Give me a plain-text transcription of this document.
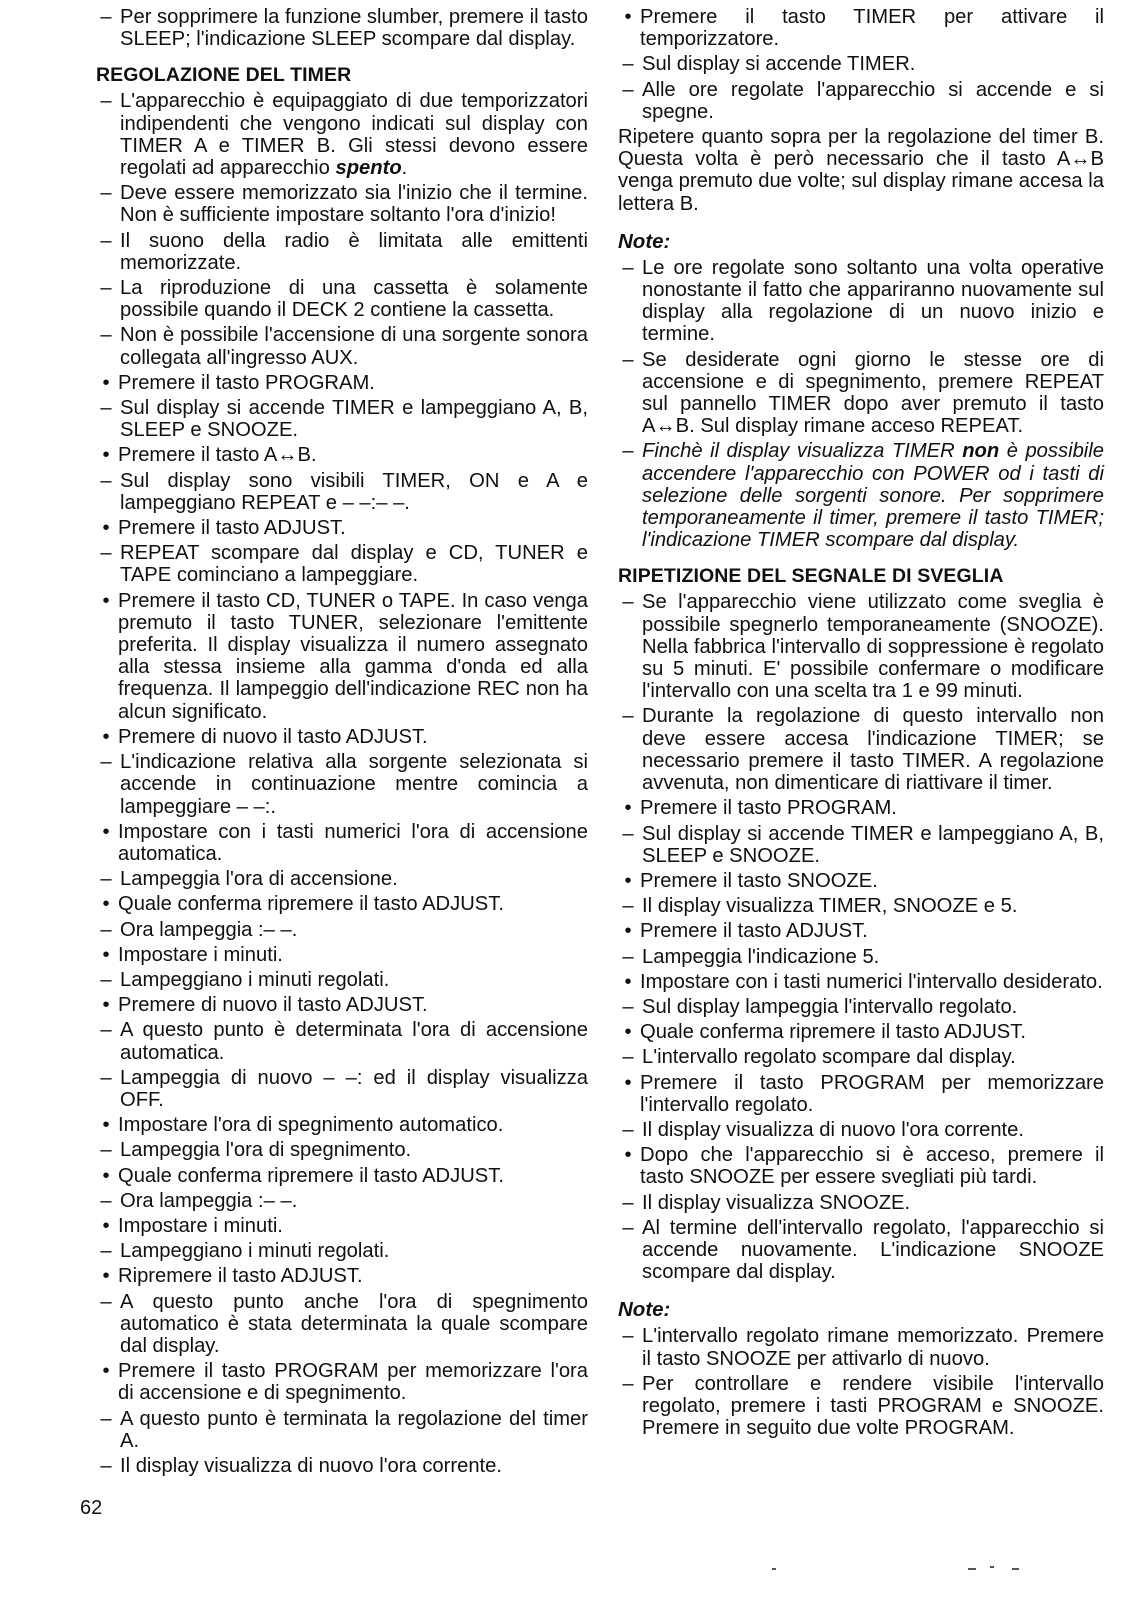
– Per sopprimere la funzione slumber, premere il tasto SLEEP; l'indicazione SLEEP scompare dal display.
REGOLAZIONE DEL TIMER
– L'apparecchio è equipaggiato di due temporizzatori indipendenti che vengono indicati sul display con TIMER A e TIMER B. Gli stessi devono essere regolati ad apparecchio spento.
– Deve essere memorizzato sia l'inizio che il termine. Non è sufficiente impostare soltanto l'ora d'inizio!
– Il suono della radio è limitata alle emittenti memorizzate.
– La riproduzione di una cassetta è solamente possibile quando il DECK 2 contiene la cassetta.
– Non è possibile l'accensione di una sorgente sonora collegata all'ingresso AUX.
• Premere il tasto PROGRAM.
– Sul display si accende TIMER e lampeggiano A, B, SLEEP e SNOOZE.
• Premere il tasto A↔B.
– Sul display sono visibili TIMER, ON e A e lampeggiano REPEAT e – –:– –.
• Premere il tasto ADJUST.
– REPEAT scompare dal display e CD, TUNER e TAPE cominciano a lampeggiare.
• Premere il tasto CD, TUNER o TAPE. In caso venga premuto il tasto TUNER, selezionare l'emittente preferita. Il display visualizza il numero assegnato alla stessa insieme alla gamma d'onda ed alla frequenza. Il lampeggio dell'indicazione REC non ha alcun significato.
• Premere di nuovo il tasto ADJUST.
– L'indicazione relativa alla sorgente selezionata si accende in continuazione mentre comincia a lampeggiare – –:.
• Impostare con i tasti numerici l'ora di accensione automatica.
– Lampeggia l'ora di accensione.
• Quale conferma ripremere il tasto ADJUST.
– Ora lampeggia :– –.
• Impostare i minuti.
– Lampeggiano i minuti regolati.
• Premere di nuovo il tasto ADJUST.
– A questo punto è determinata l'ora di accensione automatica.
– Lampeggia di nuovo – –: ed il display visualizza OFF.
• Impostare l'ora di spegnimento automatico.
– Lampeggia l'ora di spegnimento.
• Quale conferma ripremere il tasto ADJUST.
– Ora lampeggia :– –.
• Impostare i minuti.
– Lampeggiano i minuti regolati.
• Ripremere il tasto ADJUST.
– A questo punto anche l'ora di spegnimento automatico è stata determinata la quale scompare dal display.
• Premere il tasto PROGRAM per memorizzare l'ora di accensione e di spegnimento.
– A questo punto è terminata la regolazione del timer A.
– Il display visualizza di nuovo l'ora corrente.
• Premere il tasto TIMER per attivare il temporizzatore.
– Sul display si accende TIMER.
– Alle ore regolate l'apparecchio si accende e si spegne.
Ripetere quanto sopra per la regolazione del timer B. Questa volta è però necessario che il tasto A↔B venga premuto due volte; sul display rimane accesa la lettera B.
Note:
– Le ore regolate sono soltanto una volta operative nonostante il fatto che appariranno nuovamente sul display alla regolazione di un nuovo inizio e termine.
– Se desiderate ogni giorno le stesse ore di accensione e di spegnimento, premere REPEAT sul pannello TIMER dopo aver premuto il tasto A↔B. Sul display rimane acceso REPEAT.
– Finchè il display visualizza TIMER non è possibile accendere l'apparecchio con POWER od i tasti di selezione delle sorgenti sonore. Per sopprimere temporaneamente il timer, premere il tasto TIMER; l'indicazione TIMER scompare dal display.
RIPETIZIONE DEL SEGNALE DI SVEGLIA
– Se l'apparecchio viene utilizzato come sveglia è possibile spegnerlo temporaneamente (SNOOZE). Nella fabbrica l'intervallo di soppressione è regolato su 5 minuti. E' possibile confermare o modificare l'intervallo con una scelta tra 1 e 99 minuti.
– Durante la regolazione di questo intervallo non deve essere accesa l'indicazione TIMER; se necessario premere il tasto TIMER. A regolazione avvenuta, non dimenticare di riattivare il timer.
• Premere il tasto PROGRAM.
– Sul display si accende TIMER e lampeggiano A, B, SLEEP e SNOOZE.
• Premere il tasto SNOOZE.
– Il display visualizza TIMER, SNOOZE e 5.
• Premere il tasto ADJUST.
– Lampeggia l'indicazione 5.
• Impostare con i tasti numerici l'intervallo desiderato.
– Sul display lampeggia l'intervallo regolato.
• Quale conferma ripremere il tasto ADJUST.
– L'intervallo regolato scompare dal display.
• Premere il tasto PROGRAM per memorizzare l'intervallo regolato.
– Il display visualizza di nuovo l'ora corrente.
• Dopo che l'apparecchio si è acceso, premere il tasto SNOOZE per essere svegliati più tardi.
– Il display visualizza SNOOZE.
– Al termine dell'intervallo regolato, l'apparecchio si accende nuovamente. L'indicazione SNOOZE scompare dal display.
Note:
– L'intervallo regolato rimane memorizzato. Premere il tasto SNOOZE per attivarlo di nuovo.
– Per controllare e rendere visibile l'intervallo regolato, premere i tasti PROGRAM e SNOOZE. Premere in seguito due volte PROGRAM.
62
